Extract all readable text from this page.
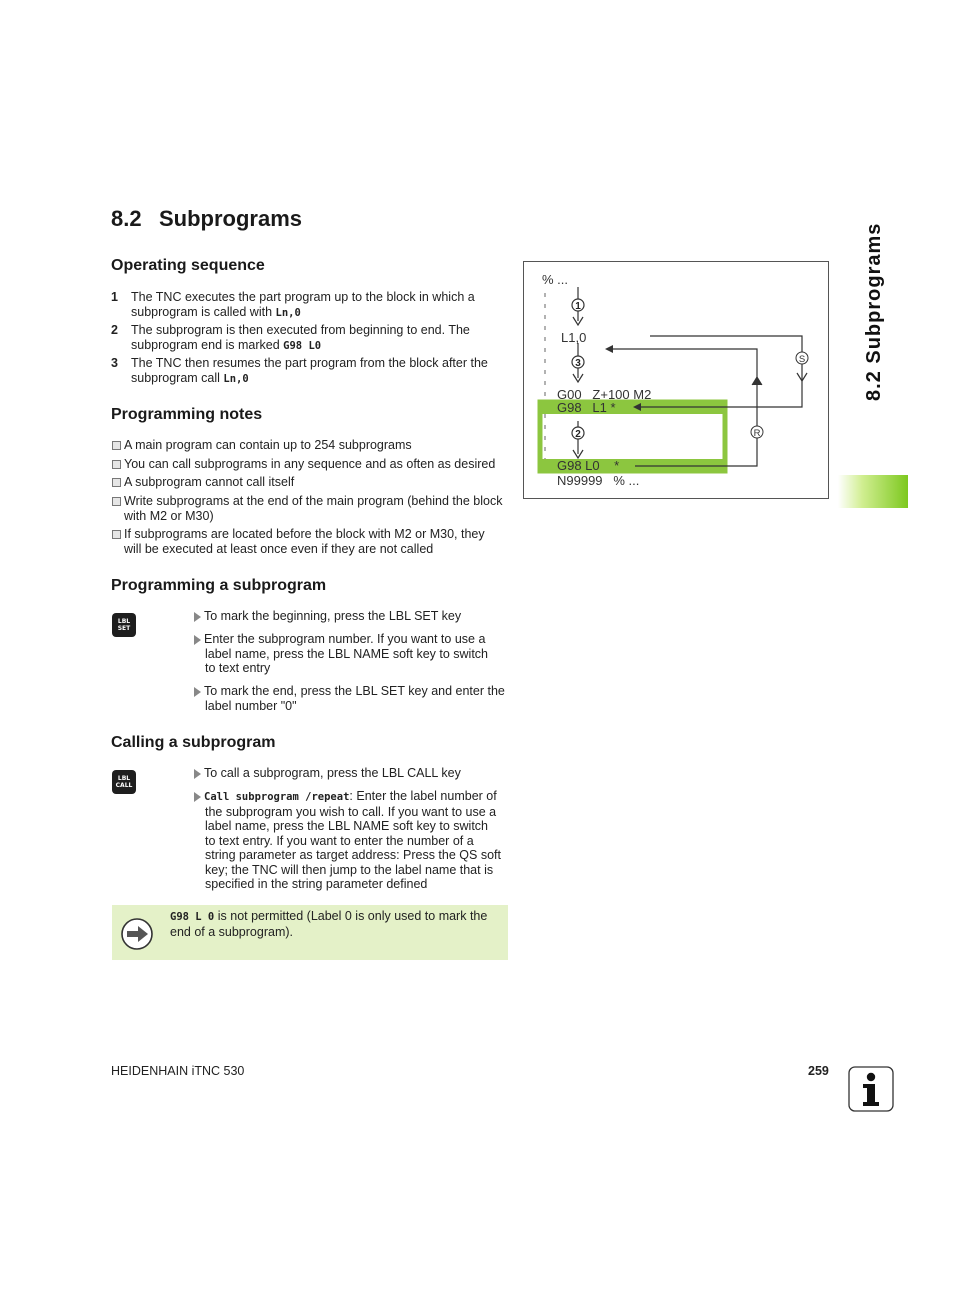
8.2 Subprograms
Operating sequence
1 The TNC executes the part program up to the block in which a
subprogram is called with Ln,0
2 The subprogram is then executed from beginning to end. The
subprogram end is marked G98 L0
3 The TNC then resumes the part program from the block after the
subprogram call Ln,0
Programming notes
A main program can contain up to 254 subprograms
You can call subprograms in any sequence and as often as desired
A subprogram cannot call itself
Write subprograms at the end of the main program (behind the block
with M2 or M30)
If subprograms are located before the block with M2 or M30, they
will be executed at least once even if they are not called
Programming a subprogram
LBL
SET
To mark the beginning, press the LBL SET key
Enter the subprogram number. If you want to use a
label name, press the LBL NAME soft key to switch
to text entry
To mark the end, press the LBL SET key and enter the
label number "0"
Calling a subprogram
LBL
CALL
To call a subprogram, press the LBL CALL key
Call subprogram /repeat: Enter the label number of
the subprogram you wish to call. If you want to use a
label name, press the LBL NAME soft key to switch
to text entry. If you want to enter the number of a
string parameter as target address: Press the QS soft
key; the TNC will then jump to the label name that is
specified in the string parameter defined
G98 L 0 is not permitted (Label 0 is only used to mark the
end of a subprogram).
1
3
2
S
R
% ...
L1,0
G00   Z+100 M2
G98   L1 *
G98 L0    *
N99999   % ...
8.2 Subprograms
HEIDENHAIN iTNC 530	259
